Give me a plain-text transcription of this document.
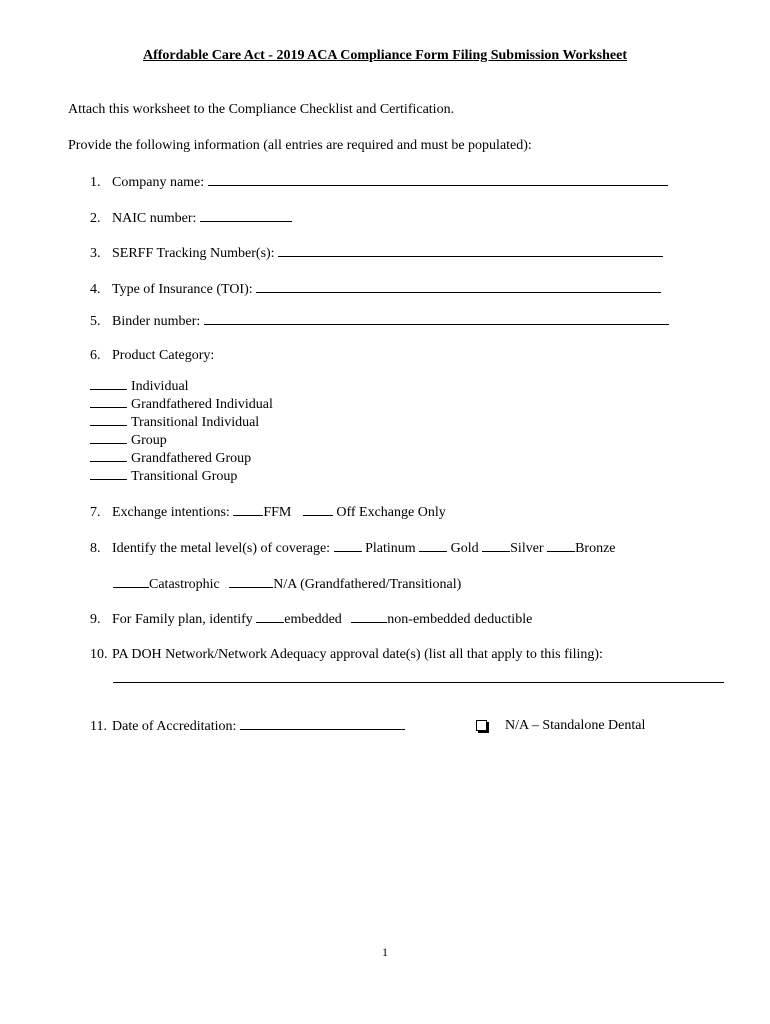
Affordable Care Act - 2019 ACA Compliance Form Filing Submission Worksheet
Attach this worksheet to the Compliance Checklist and Certification.
Provide the following information (all entries are required and must be populated):
1. Company name:
2. NAIC number:
3. SERFF Tracking Number(s):
4. Type of Insurance (TOI):
5. Binder number:
6. Product Category:
Individual
Grandfathered Individual
Transitional Individual
Group
Grandfathered Group
Transitional Group
7. Exchange intentions: FFM	Off Exchange Only
8. Identify the metal level(s) of coverage:	Platinum	Gold Silver Bronze
Catastrophic	N/A (Grandfathered/Transitional)
9. For Family plan, identify embedded	non-embedded deductible
10. PA DOH Network/Network Adequacy approval date(s) (list all that apply to this filing):
11. Date of Accreditation:	N/A – Standalone Dental
1
